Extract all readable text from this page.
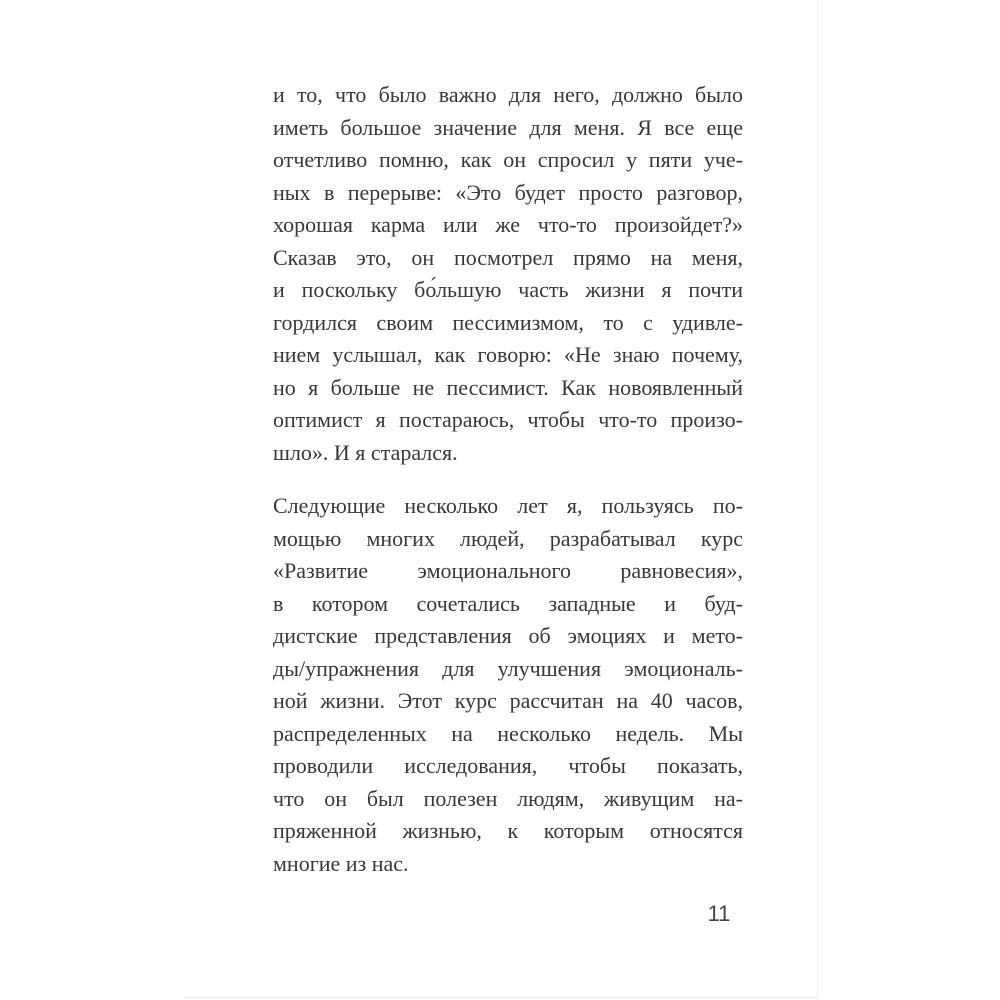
и то, что было важно для него, должно было
иметь большое значение для меня. Я все еще
отчетливо помню, как он спросил у пяти уче-
ных в перерыве: «Это будет просто разговор,
хорошая карма или же что-то произойдет?»
Сказав это, он посмотрел прямо на меня,
и поскольку бо́льшую часть жизни я почти
гордился своим пессимизмом, то с удивле-
нием услышал, как говорю: «Не знаю почему,
но я больше не пессимист. Как новоявленный
оптимист я постараюсь, чтобы что-то произо-
шло». И я старался.
Следующие несколько лет я, пользуясь по-
мощью многих людей, разрабатывал курс
«Развитие эмоционального равновесия»,
в котором сочетались западные и буд-
дистские представления об эмоциях и мето-
ды/упражнения для улучшения эмоциональ-
ной жизни. Этот курс рассчитан на 40 часов,
распределенных на несколько недель. Мы
проводили исследования, чтобы показать,
что он был полезен людям, живущим на-
пряженной жизнью, к которым относятся
многие из нас.
11
